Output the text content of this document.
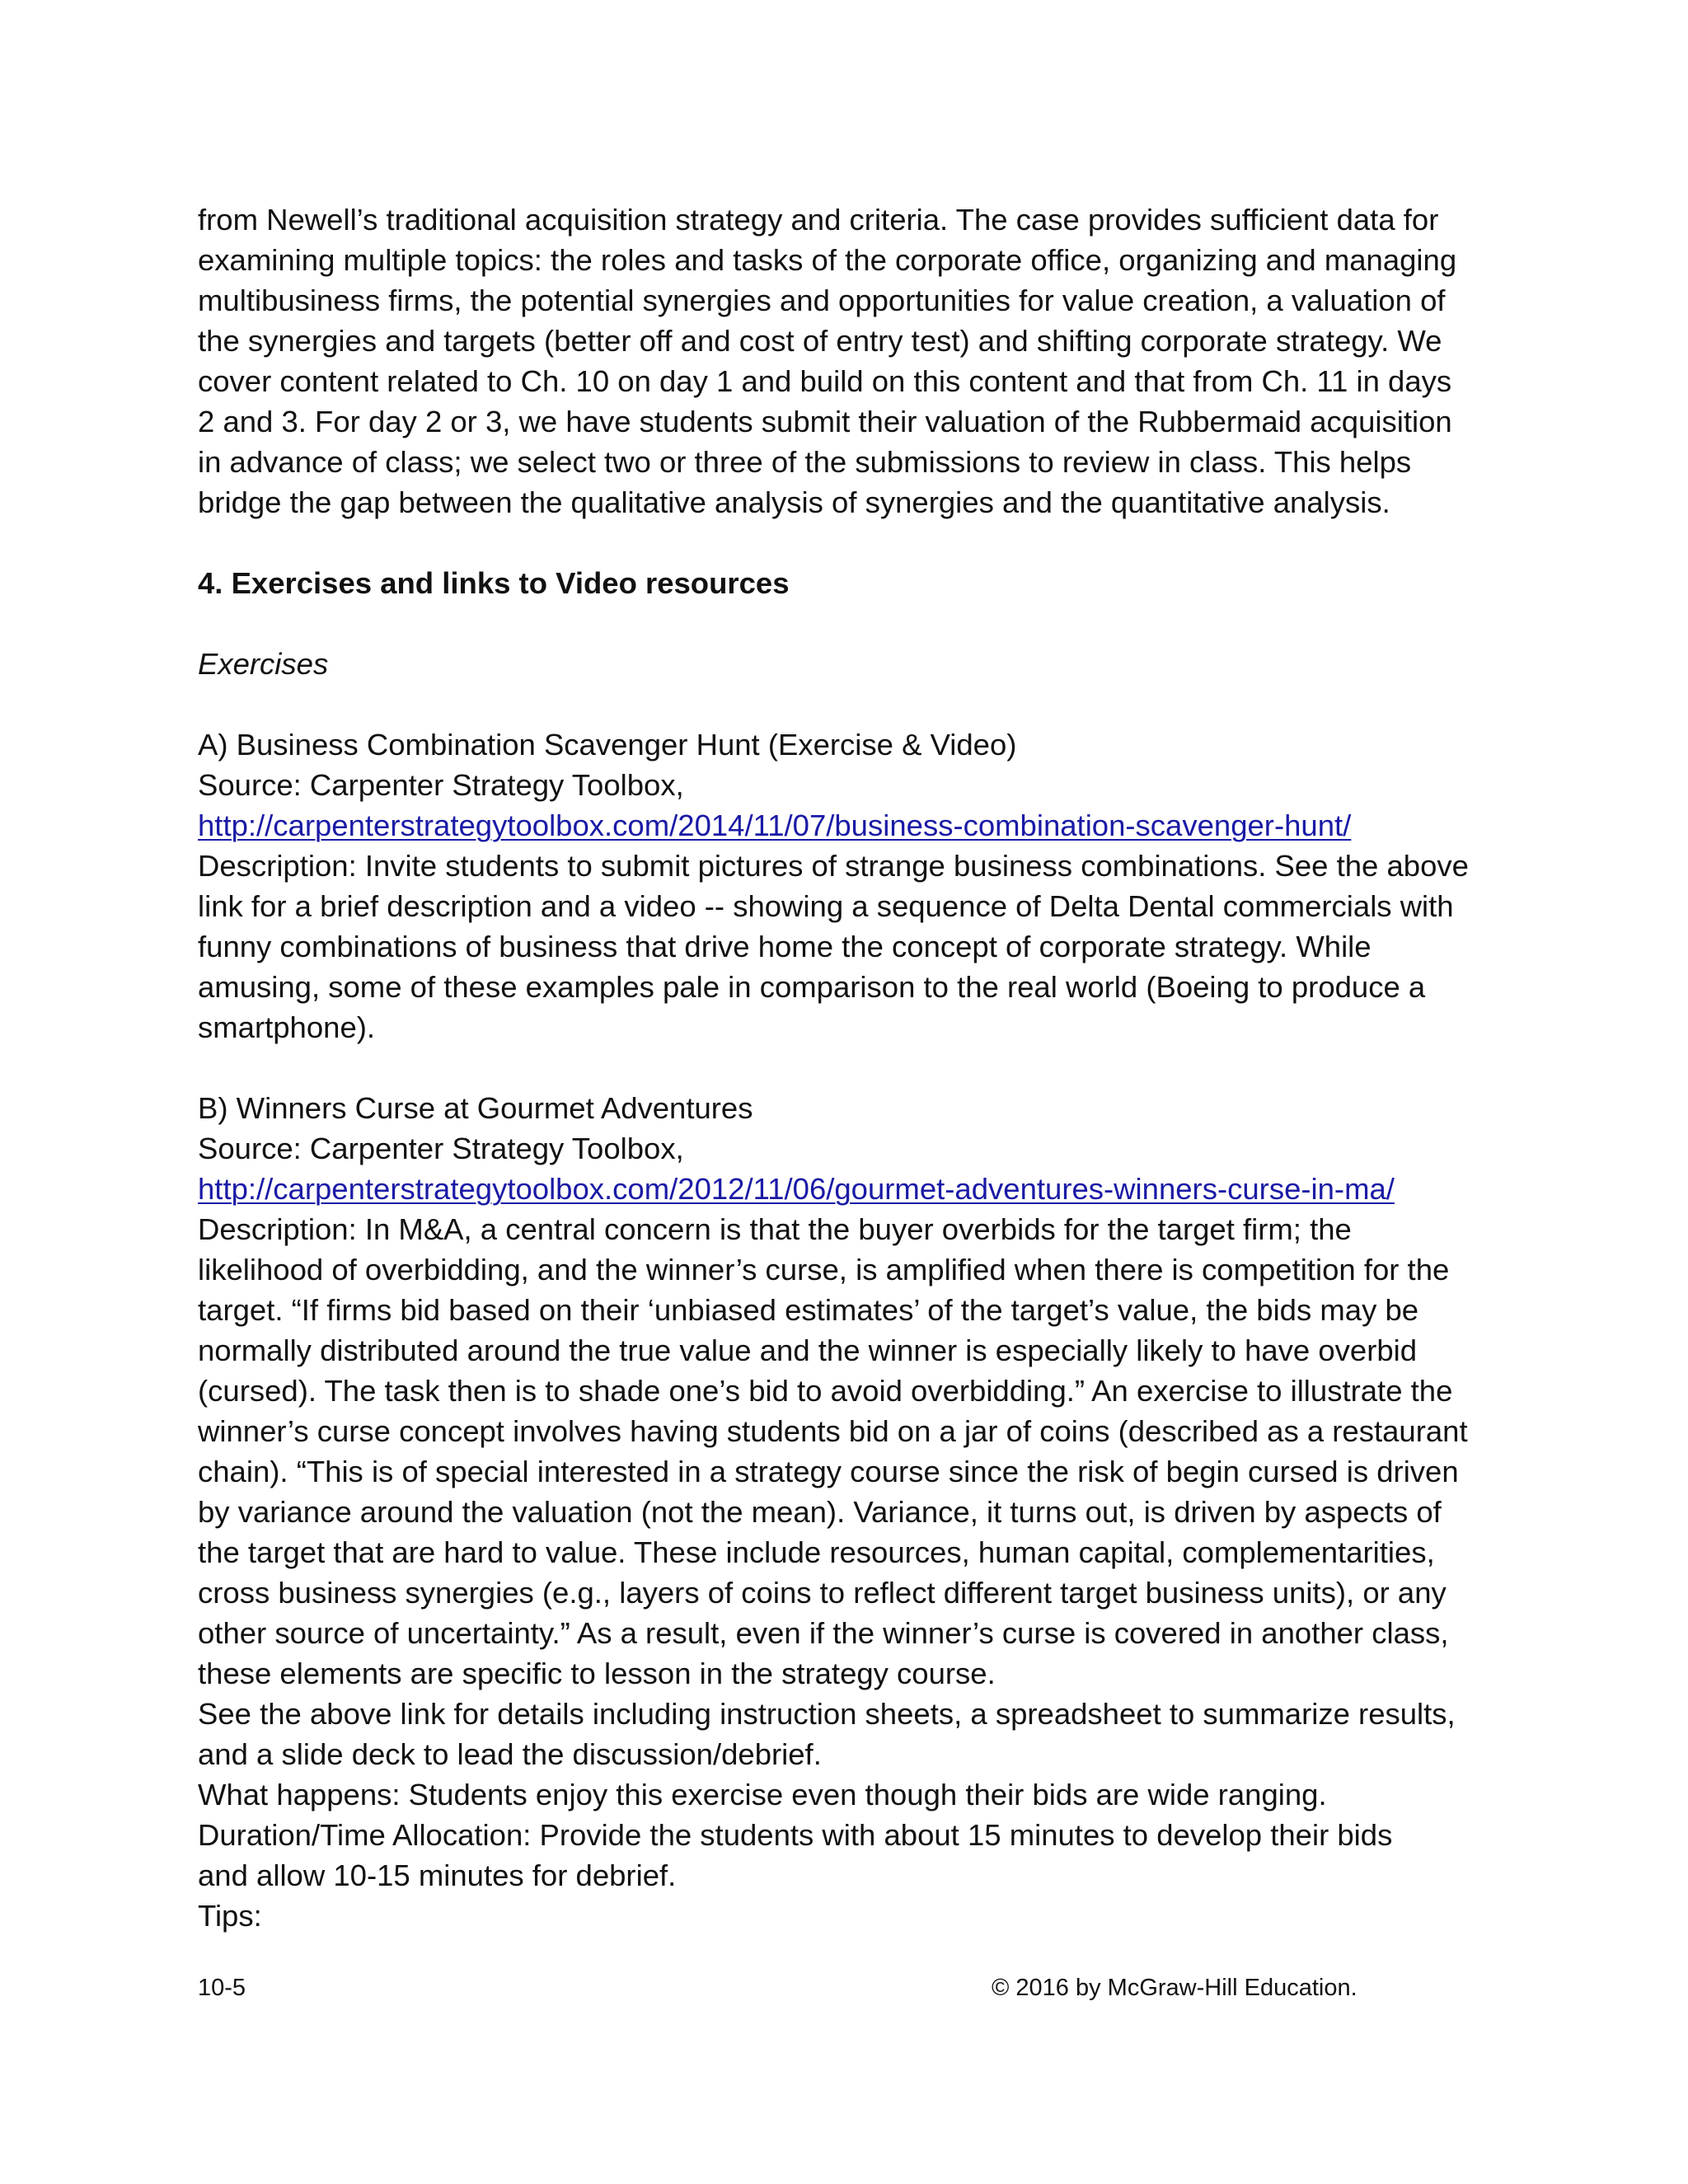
from Newell’s traditional acquisition strategy and criteria. The case provides sufficient data for
examining multiple topics: the roles and tasks of the corporate office, organizing and managing
multibusiness firms, the potential synergies and opportunities for value creation, a valuation of
the synergies and targets (better off and cost of entry test) and shifting corporate strategy. We
cover content related to Ch. 10 on day 1 and build on this content and that from Ch. 11 in days
2 and 3. For day 2 or 3, we have students submit their valuation of the Rubbermaid acquisition
in advance of class; we select two or three of the submissions to review in class. This helps
bridge the gap between the qualitative analysis of synergies and the quantitative analysis.
4. Exercises and links to Video resources
Exercises
A) Business Combination Scavenger Hunt (Exercise & Video)
Source: Carpenter Strategy Toolbox,
http://carpenterstrategytoolbox.com/2014/11/07/business-combination-scavenger-hunt/
Description: Invite students to submit pictures of strange business combinations. See the above
link for a brief description and a video -- showing a sequence of Delta Dental commercials with
funny combinations of business that drive home the concept of corporate strategy. While
amusing, some of these examples pale in comparison to the real world (Boeing to produce a
smartphone).
B) Winners Curse at Gourmet Adventures
Source: Carpenter Strategy Toolbox,
http://carpenterstrategytoolbox.com/2012/11/06/gourmet-adventures-winners-curse-in-ma/
Description: In M&A, a central concern is that the buyer overbids for the target firm; the
likelihood of overbidding, and the winner’s curse, is amplified when there is competition for the
target. “If firms bid based on their ‘unbiased estimates’ of the target’s value, the bids may be
normally distributed around the true value and the winner is especially likely to have overbid
(cursed). The task then is to shade one’s bid to avoid overbidding.” An exercise to illustrate the
winner’s curse concept involves having students bid on a jar of coins (described as a restaurant
chain). “This is of special interested in a strategy course since the risk of begin cursed is driven
by variance around the valuation (not the mean). Variance, it turns out, is driven by aspects of
the target that are hard to value. These include resources, human capital, complementarities,
cross business synergies (e.g., layers of coins to reflect different target business units), or any
other source of uncertainty.” As a result, even if the winner’s curse is covered in another class,
these elements are specific to lesson in the strategy course.
See the above link for details including instruction sheets, a spreadsheet to summarize results,
and a slide deck to lead the discussion/debrief.
What happens: Students enjoy this exercise even though their bids are wide ranging.
Duration/Time Allocation: Provide the students with about 15 minutes to develop their bids
and allow 10-15 minutes for debrief.
Tips:
10-5	© 2016 by McGraw-Hill Education.
